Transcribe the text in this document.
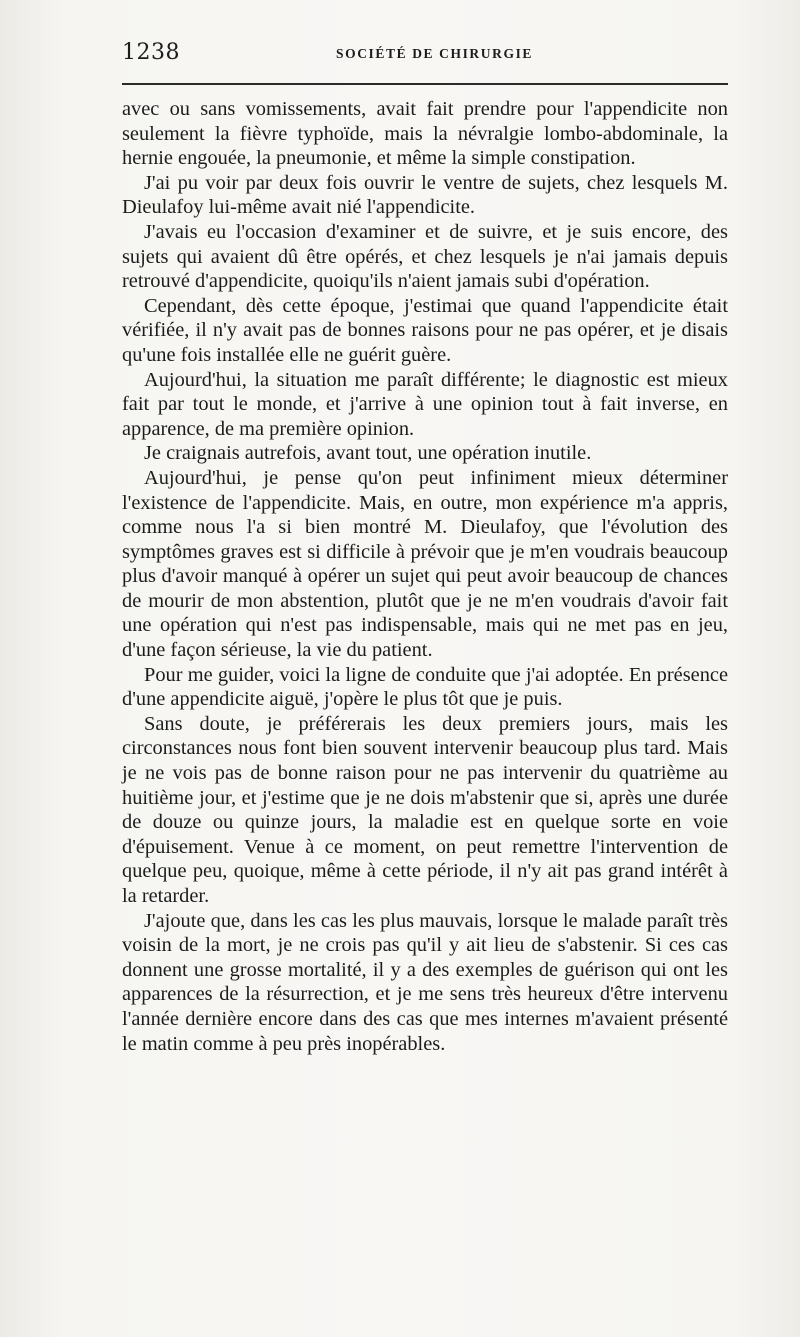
1238	SOCIÉTÉ DE CHIRURGIE

avec ou sans vomissements, avait fait prendre pour l'appendicite non seulement la fièvre typhoïde, mais la névralgie lombo-abdominale, la hernie engouée, la pneumonie, et même la simple constipation.

J'ai pu voir par deux fois ouvrir le ventre de sujets, chez lesquels M. Dieulafoy lui-même avait nié l'appendicite.

J'avais eu l'occasion d'examiner et de suivre, et je suis encore, des sujets qui avaient dû être opérés, et chez lesquels je n'ai jamais depuis retrouvé d'appendicite, quoiqu'ils n'aient jamais subi d'opération.

Cependant, dès cette époque, j'estimai que quand l'appendicite était vérifiée, il n'y avait pas de bonnes raisons pour ne pas opérer, et je disais qu'une fois installée elle ne guérit guère.

Aujourd'hui, la situation me paraît différente; le diagnostic est mieux fait par tout le monde, et j'arrive à une opinion tout à fait inverse, en apparence, de ma première opinion.

Je craignais autrefois, avant tout, une opération inutile.

Aujourd'hui, je pense qu'on peut infiniment mieux déterminer l'existence de l'appendicite. Mais, en outre, mon expérience m'a appris, comme nous l'a si bien montré M. Dieulafoy, que l'évolution des symptômes graves est si difficile à prévoir que je m'en voudrais beaucoup plus d'avoir manqué à opérer un sujet qui peut avoir beaucoup de chances de mourir de mon abstention, plutôt que je ne m'en voudrais d'avoir fait une opération qui n'est pas indispensable, mais qui ne met pas en jeu, d'une façon sérieuse, la vie du patient.

Pour me guider, voici la ligne de conduite que j'ai adoptée. En présence d'une appendicite aiguë, j'opère le plus tôt que je puis.

Sans doute, je préférerais les deux premiers jours, mais les circonstances nous font bien souvent intervenir beaucoup plus tard. Mais je ne vois pas de bonne raison pour ne pas intervenir du quatrième au huitième jour, et j'estime que je ne dois m'abstenir que si, après une durée de douze ou quinze jours, la maladie est en quelque sorte en voie d'épuisement. Venue à ce moment, on peut remettre l'intervention de quelque peu, quoique, même à cette période, il n'y ait pas grand intérêt à la retarder.

J'ajoute que, dans les cas les plus mauvais, lorsque le malade paraît très voisin de la mort, je ne crois pas qu'il y ait lieu de s'abstenir. Si ces cas donnent une grosse mortalité, il y a des exemples de guérison qui ont les apparences de la résurrection, et je me sens très heureux d'être intervenu l'année dernière encore dans des cas que mes internes m'avaient présenté le matin comme à peu près inopérables.
